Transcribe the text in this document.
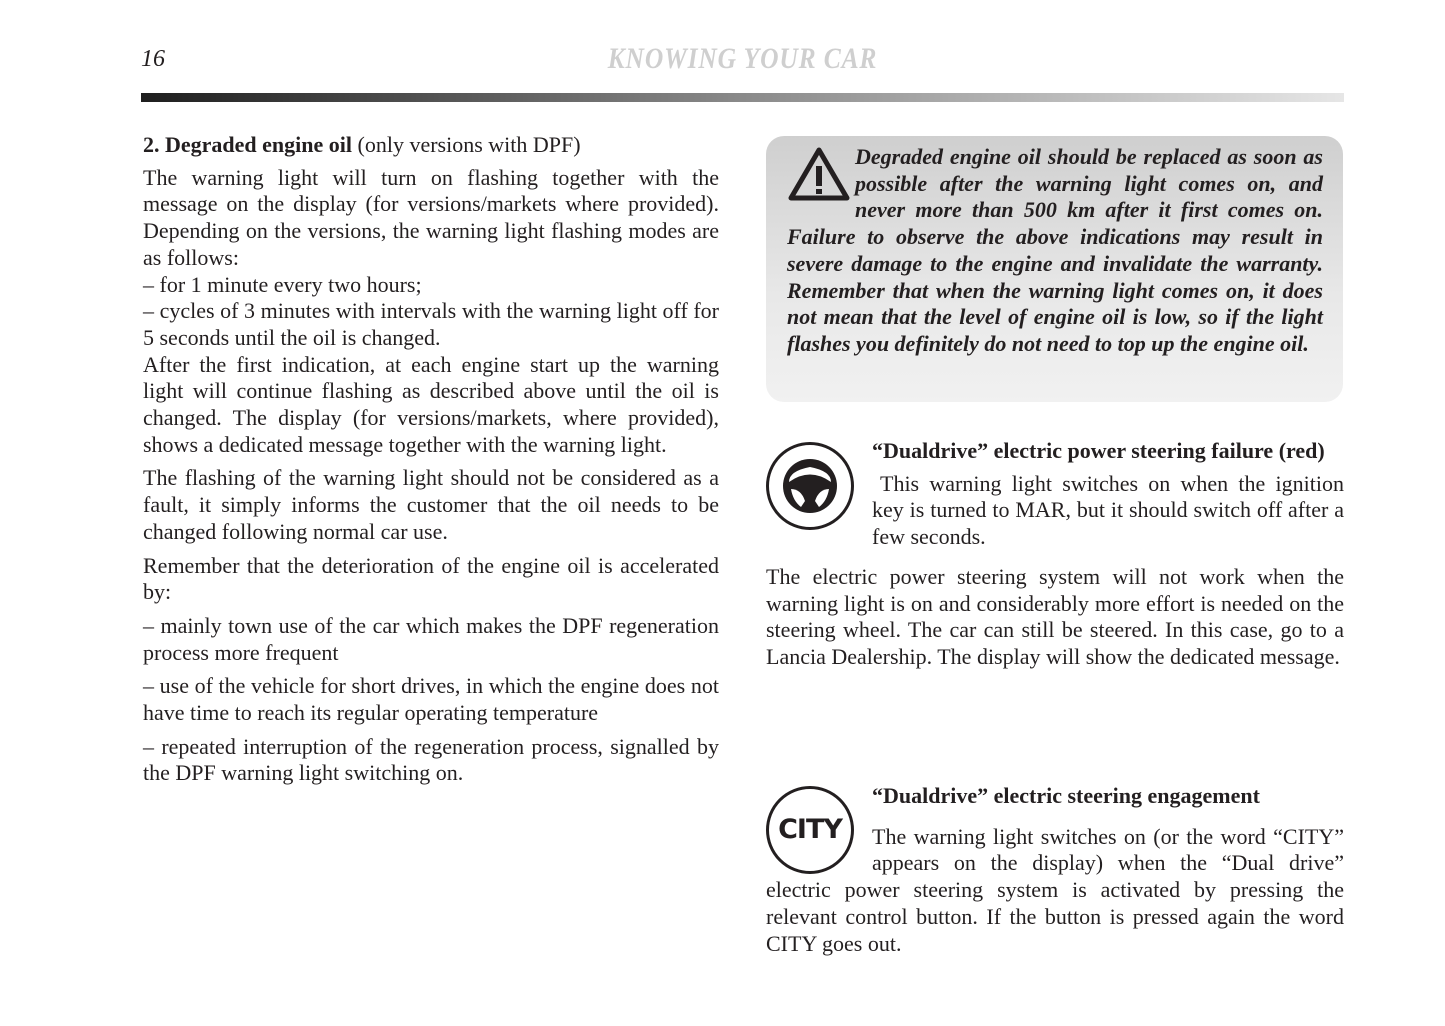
16	KNOWING YOUR CAR

2. Degraded engine oil (only versions with DPF)

The warning light will turn on flashing together with the message on the display (for versions/markets where provided). Depending on the versions, the warning light flashing modes are as follows:

– for 1 minute every two hours;
– cycles of 3 minutes with intervals with the warning light off for 5 seconds until the oil is changed.

After the first indication, at each engine start up the warning light will continue flashing as described above until the oil is changed. The display (for versions/markets, where provided), shows a dedicated message together with the warning light.

The flashing of the warning light should not be considered as a fault, it simply informs the customer that the oil needs to be changed following normal car use.

Remember that the deterioration of the engine oil is accelerated by:

– mainly town use of the car which makes the DPF regeneration process more frequent

– use of the vehicle for short drives, in which the engine does not have time to reach its regular operating temperature

– repeated interruption of the regeneration process, signalled by the DPF warning light switching on.

Degraded engine oil should be replaced as soon as possible after the warning light comes on, and never more than 500 km after it first comes on. Failure to observe the above indications may result in severe damage to the engine and invalidate the warranty. Remember that when the warning light comes on, it does not mean that the level of engine oil is low, so if the light flashes you definitely do not need to top up the engine oil.
“Dualdrive” electric power steering failure (red)

This warning light switches on when the ignition key is turned to MAR, but it should switch off after a few seconds.

The electric power steering system will not work when the warning light is on and considerably more effort is needed on the steering wheel. The car can still be steered. In this case, go to a Lancia Dealership. The display will show the dedicated message.

CITY
“Dualdrive” electric steering engagement

The warning light switches on (or the word “CITY” appears on the display) when the “Dual drive” electric power steering system is activated by pressing the relevant control button. If the button is pressed again the word CITY goes out.
